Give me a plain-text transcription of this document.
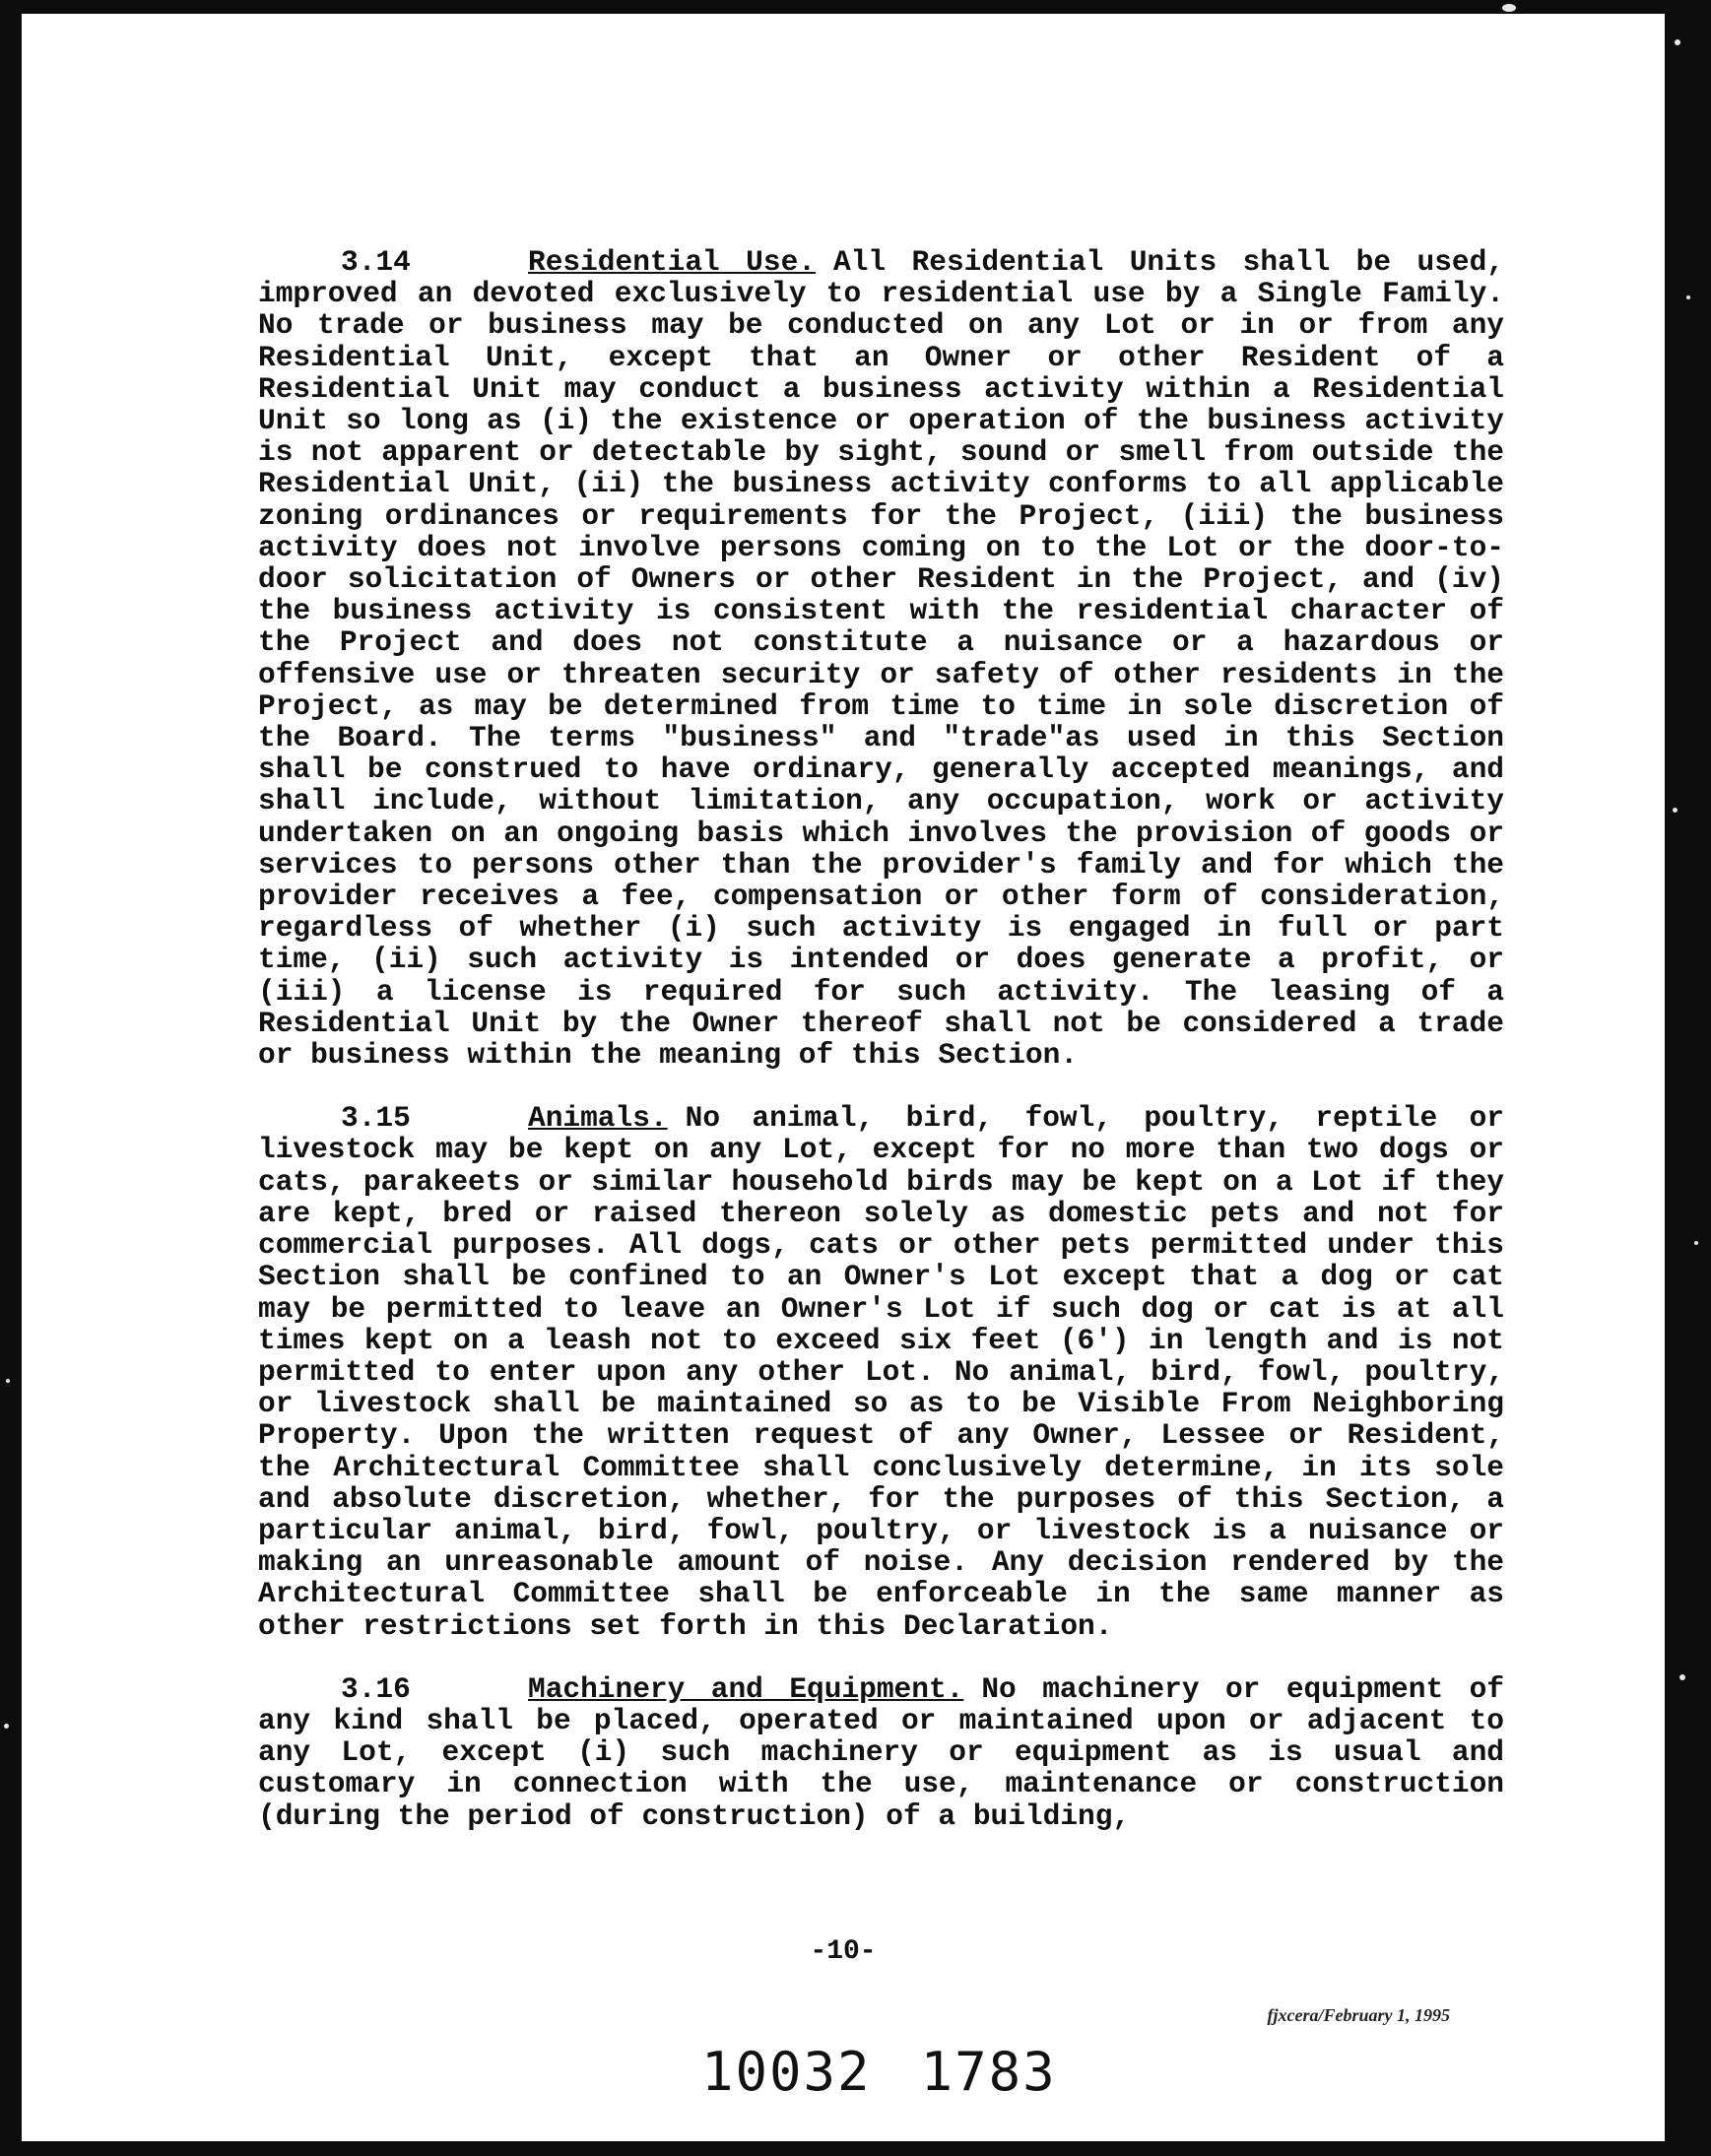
3.14	Residential Use. All Residential Units shall be used, improved an devoted exclusively to residential use by a Single Family. No trade or business may be conducted on any Lot or in or from any Residential Unit, except that an Owner or other Resident of a Residential Unit may conduct a business activity within a Residential Unit so long as (i) the existence or operation of the business activity is not apparent or detectable by sight, sound or smell from outside the Residential Unit, (ii) the business activity conforms to all applicable zoning ordinances or requirements for the Project, (iii) the business activity does not involve persons coming on to the Lot or the door-to-door solicitation of Owners or other Resident in the Project, and (iv) the business activity is consistent with the residential character of the Project and does not constitute a nuisance or a hazardous or offensive use or threaten security or safety of other residents in the Project, as may be determined from time to time in sole discretion of the Board. The terms "business" and "trade"as used in this Section shall be construed to have ordinary, generally accepted meanings, and shall include, without limitation, any occupation, work or activity undertaken on an ongoing basis which involves the provision of goods or services to persons other than the provider's family and for which the provider receives a fee, compensation or other form of consideration, regardless of whether (i) such activity is engaged in full or part time, (ii) such activity is intended or does generate a profit, or (iii) a license is required for such activity. The leasing of a Residential Unit by the Owner thereof shall not be considered a trade or business within the meaning of this Section.

3.15	Animals. No animal, bird, fowl, poultry, reptile or livestock may be kept on any Lot, except for no more than two dogs or cats, parakeets or similar household birds may be kept on a Lot if they are kept, bred or raised thereon solely as domestic pets and not for commercial purposes. All dogs, cats or other pets permitted under this Section shall be confined to an Owner's Lot except that a dog or cat may be permitted to leave an Owner's Lot if such dog or cat is at all times kept on a leash not to exceed six feet (6') in length and is not permitted to enter upon any other Lot. No animal, bird, fowl, poultry, or livestock shall be maintained so as to be Visible From Neighboring Property. Upon the written request of any Owner, Lessee or Resident, the Architectural Committee shall conclusively determine, in its sole and absolute discretion, whether, for the purposes of this Section, a particular animal, bird, fowl, poultry, or livestock is a nuisance or making an unreasonable amount of noise. Any decision rendered by the Architectural Committee shall be enforceable in the same manner as other restrictions set forth in this Declaration.

3.16	Machinery and Equipment. No machinery or equipment of any kind shall be placed, operated or maintained upon or adjacent to any Lot, except (i) such machinery or equipment as is usual and customary in connection with the use, maintenance or construction (during the period of construction) of a building,

-10-
fjxcera/February 1, 1995
10032 1783
